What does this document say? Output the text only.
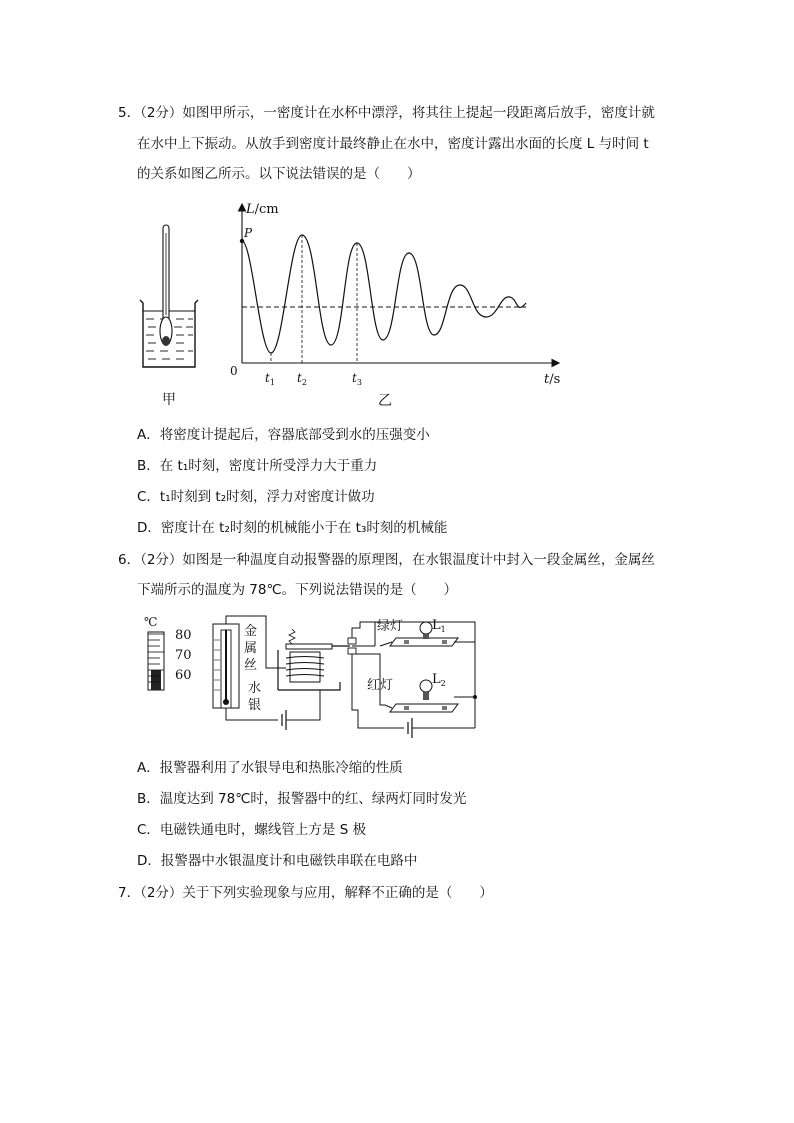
5．（2分）如图甲所示，一密度计在水杯中漂浮，将其往上提起一段距离后放手，密度计就
在水中上下振动。从放手到密度计最终静止在水中，密度计露出水面的长度 L 与时间 t
的关系如图乙所示。以下说法错误的是（　　）
甲
L/cm
t/s
0
P
$t_1$ $t_2$	$t_3$
乙
A．将密度计提起后，容器底部受到水的压强变小
B．在 t₁时刻，密度计所受浮力大于重力
C．t₁时刻到 t₂时刻，浮力对密度计做功
D．密度计在 t₂时刻的机械能小于在 t₃时刻的机械能
6．（2分）如图是一种温度自动报警器的原理图，在水银温度计中封入一段金属丝，金属丝
下端所示的温度为 78℃。下列说法错误的是（　　）
℃
80
70
60
金
属
丝
水
银
绿灯 $L_1$
红灯	$L_2$
A．报警器利用了水银导电和热胀冷缩的性质
B．温度达到 78℃时，报警器中的红、绿两灯同时发光
C．电磁铁通电时，螺线管上方是 S 极
D．报警器中水银温度计和电磁铁串联在电路中
7．（2分）关于下列实验现象与应用，解释不正确的是（　　）
